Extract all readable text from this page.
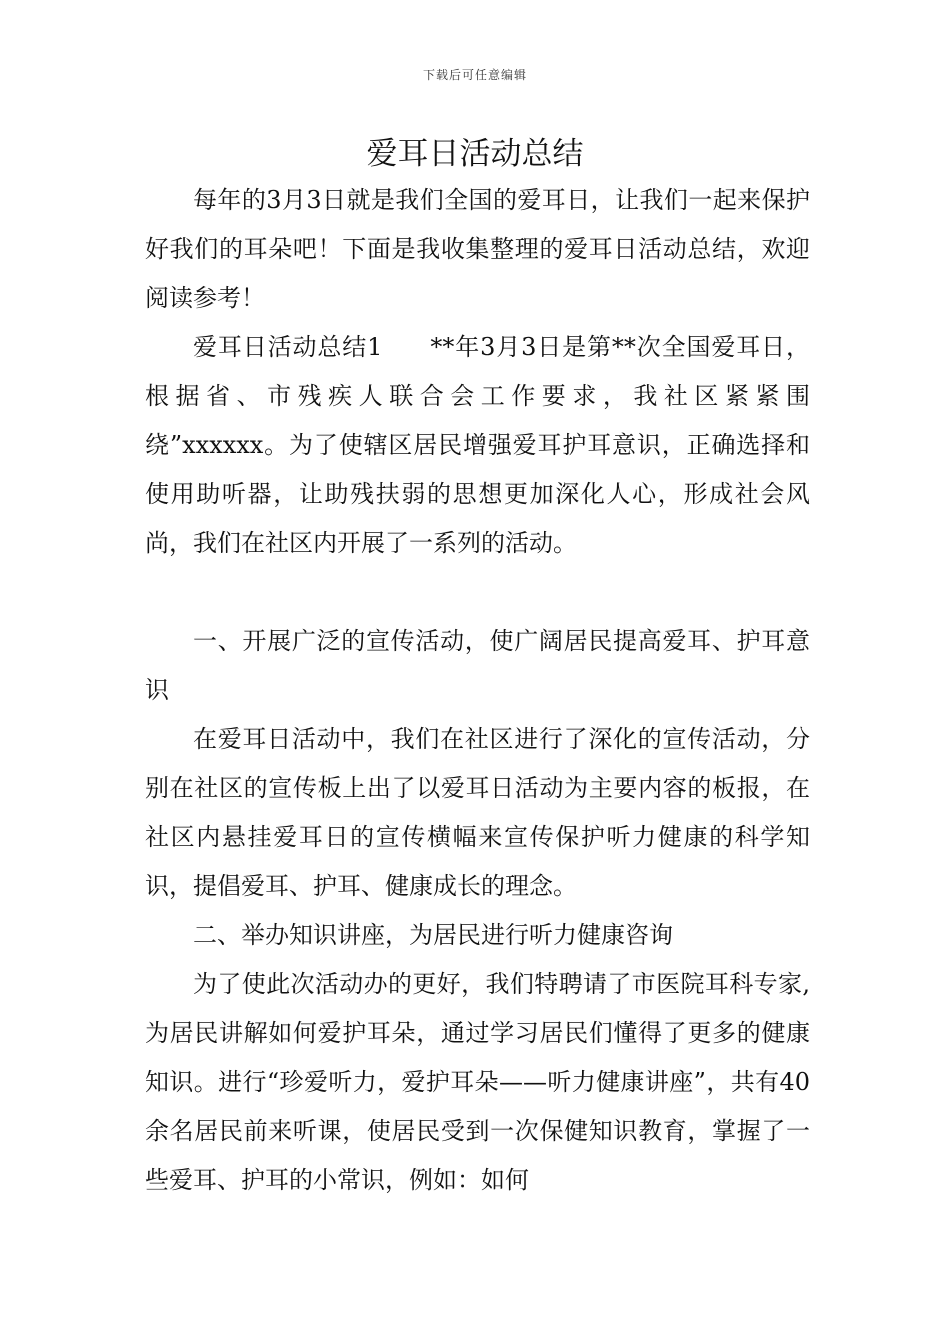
下载后可任意编辑
爱耳日活动总结

每年的3月3日就是我们全国的爱耳日，让我们一起来保护好我们的耳朵吧！下面是我收集整理的爱耳日活动总结，欢迎阅读参考！

爱耳日活动总结1 **年3月3日是第**次全国爱耳日，根据省、市残疾人联合会工作要求，我社区紧紧围绕”xxxxxx。为了使辖区居民增强爱耳护耳意识，正确选择和使用助听器，让助残扶弱的思想更加深化人心，形成社会风尚，我们在社区内开展了一系列的活动。

一、开展广泛的宣传活动，使广阔居民提高爱耳、护耳意识

在爱耳日活动中，我们在社区进行了深化的宣传活动，分别在社区的宣传板上出了以爱耳日活动为主要内容的板报，在社区内悬挂爱耳日的宣传横幅来宣传保护听力健康的科学知识，提倡爱耳、护耳、健康成长的理念。

二、举办知识讲座，为居民进行听力健康咨询

为了使此次活动办的更好，我们特聘请了市医院耳科专家,为居民讲解如何爱护耳朵，通过学习居民们懂得了更多的健康知识。进行“珍爱听力，爱护耳朵——听力健康讲座”，共有40余名居民前来听课，使居民受到一次保健知识教育，掌握了一些爱耳、护耳的小常识，例如：如何
